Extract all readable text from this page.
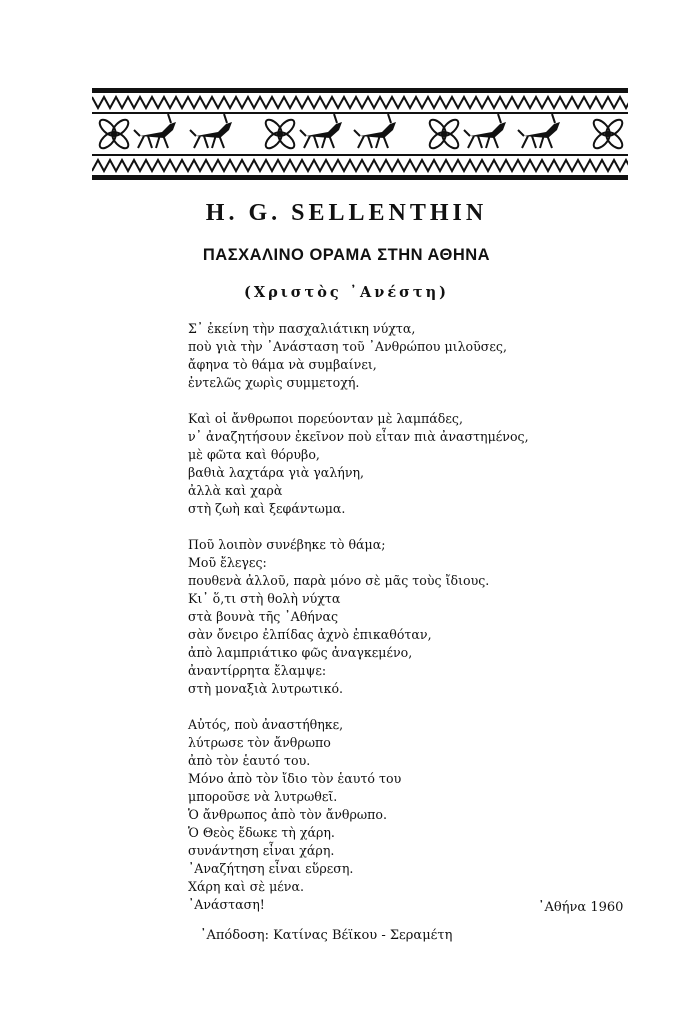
H. G. SELLENTHIN
ΠΑΣΧΑΛΙΝΟ ΟΡΑΜΑ ΣΤΗΝ ΑΘΗΝΑ
(Χριστὸς ᾿Ανέστη)
Σ᾿ ἐκείνη τὴν πασχαλιάτικη νύχτα,
ποὺ γιὰ τὴν ᾿Ανάσταση τοῦ ᾿Ανθρώπου μιλοῦσες,
ἄφηνα τὸ θάμα νὰ συμβαίνει,
ἐντελῶς χωρὶς συμμετοχή.
Καὶ οἱ ἄνθρωποι πορεύονταν μὲ λαμπάδες,
ν᾿ ἀναζητήσουν ἐκεῖνον ποὺ εἶταν πιὰ ἀναστημένος,
μὲ φῶτα καὶ θόρυβο,
βαθιὰ λαχτάρα γιὰ γαλήνη,
ἀλλὰ καὶ χαρὰ
στὴ ζωὴ καὶ ξεφάντωμα.
Ποῦ λοιπὸν συνέβηκε τὸ θάμα;
Μοῦ ἔλεγες:
πουθενὰ ἀλλοῦ, παρὰ μόνο σὲ μᾶς τοὺς ἴδιους.
Κι᾿ ὅ,τι στὴ θολὴ νύχτα
στὰ βουνὰ τῆς ᾿Αθήνας
σὰν ὄνειρο ἐλπίδας ἀχνὸ ἐπικαθόταν,
ἀπὸ λαμπριάτικο φῶς ἀναγκεμένο,
ἀναντίρρητα ἔλαμψε:
στὴ μοναξιὰ λυτρωτικό.
Αὐτός, ποὺ ἀναστήθηκε,
λύτρωσε τὸν ἄνθρωπο
ἀπὸ τὸν ἑαυτό του.
Μόνο ἀπὸ τὸν ἴδιο τὸν ἑαυτό του
μποροῦσε νὰ λυτρωθεῖ.
Ὁ ἄνθρωπος ἀπὸ τὸν ἄνθρωπο.
Ὁ Θεὸς ἔδωκε τὴ χάρη.
συνάντηση εἶναι χάρη.
᾿Αναζήτηση εἶναι εὕρεση.
Χάρη καὶ σὲ μένα.
᾿Ανάσταση!	᾿Αθήνα 1960
᾿Απόδοση: Κατίνας Βέϊκου - Σεραμέτη
